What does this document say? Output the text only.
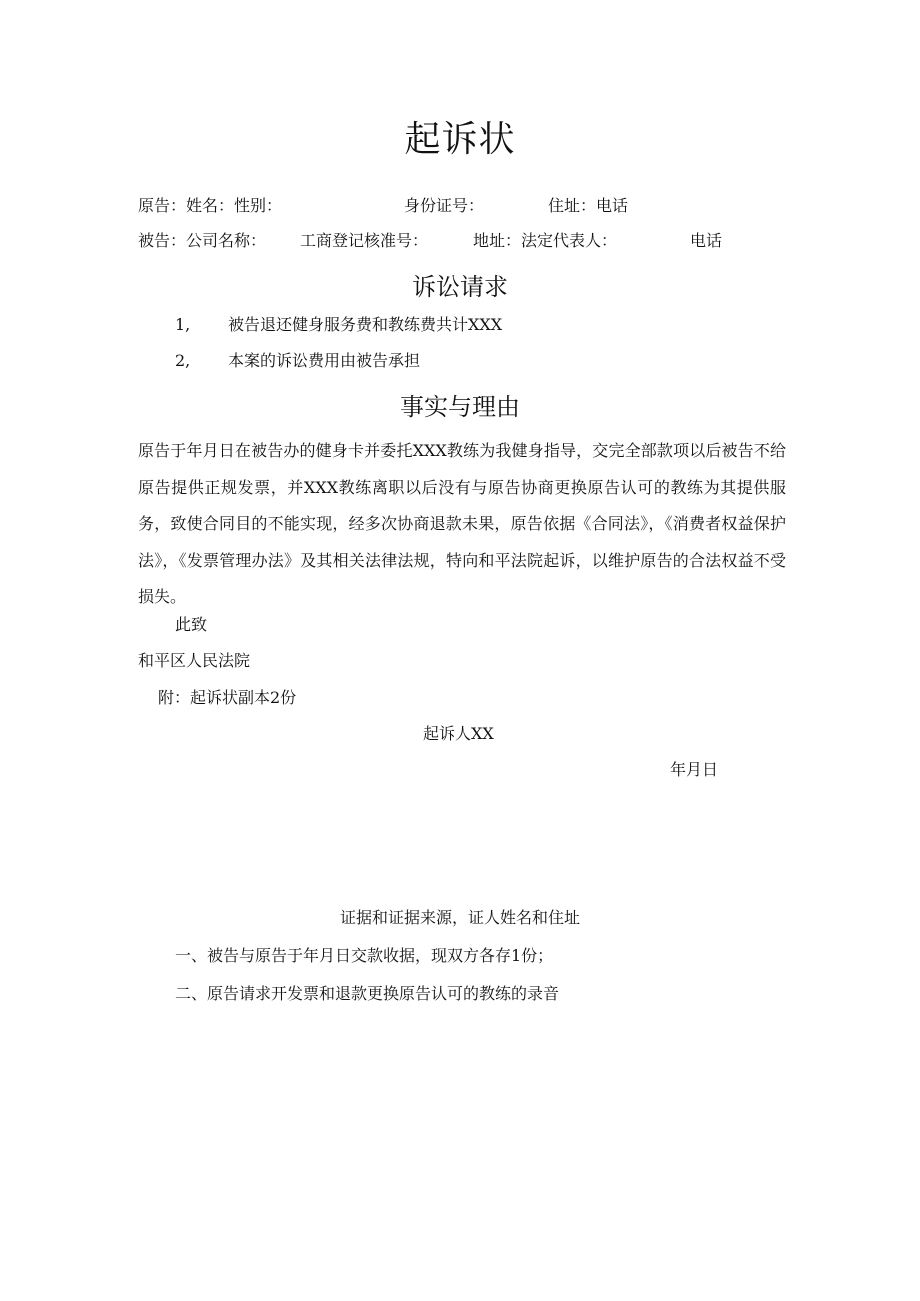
起诉状
原告：姓名：性别：	身份证号：	住址：电话
被告：公司名称： 工商登记核准号：	地址：法定代表人：	电话
诉讼请求
1, 被告退还健身服务费和教练费共计XXX
2, 本案的诉讼费用由被告承担
事实与理由
原告于年月日在被告办的健身卡并委托XXX教练为我健身指导，交完全部款项以后被告不给原告提供正规发票，并XXX教练离职以后没有与原告协商更换原告认可的教练为其提供服务，致使合同目的不能实现，经多次协商退款未果，原告依据《合同法》，《消费者权益保护法》，《发票管理办法》及其相关法律法规，特向和平法院起诉，以维护原告的合法权益不受损失。
此致
和平区人民法院
附：起诉状副本2份
起诉人XX
年月日
证据和证据来源，证人姓名和住址
一、被告与原告于年月日交款收据，现双方各存1份；
二、原告请求开发票和退款更换原告认可的教练的录音
